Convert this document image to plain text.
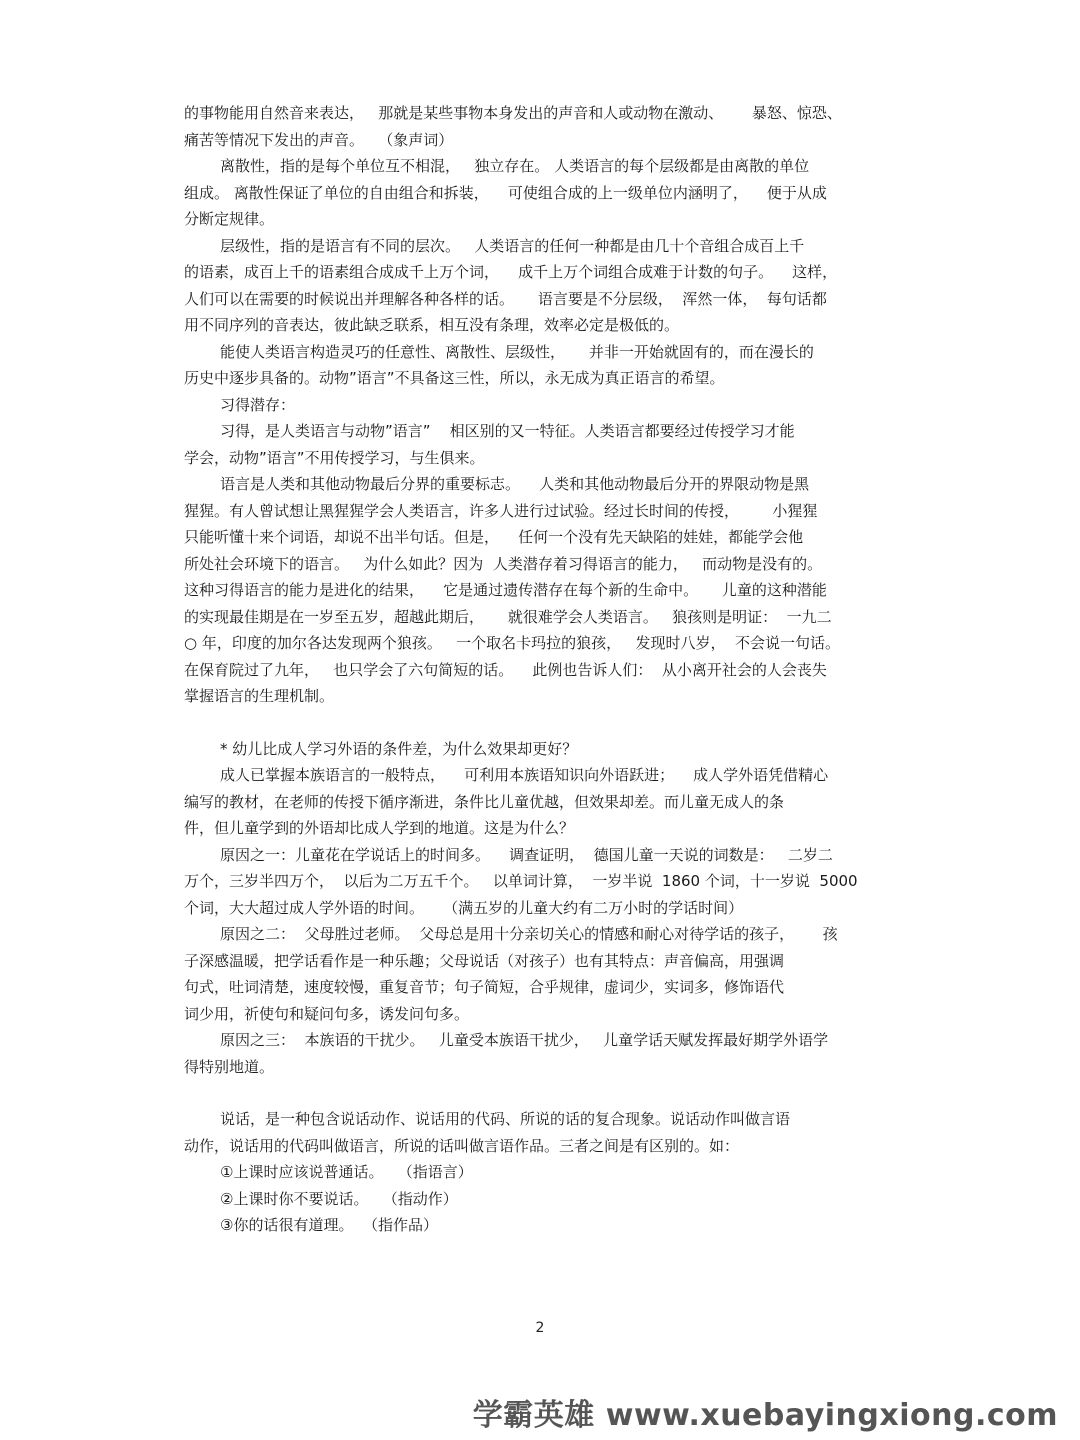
的事物能用自然音来表达，   那就是某些事物本身发出的声音和人或动物在激动、      暴怒、惊恐、
痛苦等情况下发出的声音。   （象声词）
离散性，指的是每个单位互不相混，   独立存在。 人类语言的每个层级都是由离散的单位
组成。 离散性保证了单位的自由组合和拆装，    可使组合成的上一级单位内涵明了，    便于从成
分断定规律。
层级性，指的是语言有不同的层次。   人类语言的任何一种都是由几十个音组合成百上千
的语素，成百上千的语素组合成成千上万个词，    成千上万个词组合成难于计数的句子。    这样，
人们可以在需要的时候说出并理解各种各样的话。     语言要是不分层级，  浑然一体，  每句话都
用不同序列的音表达，彼此缺乏联系，相互没有条理，效率必定是极低的。
能使人类语言构造灵巧的任意性、离散性、层级性，     并非一开始就固有的，而在漫长的
历史中逐步具备的。动物”语言”不具备这三性，所以，永无成为真正语言的希望。
习得潜存：
习得，是人类语言与动物”语言”    相区别的又一特征。人类语言都要经过传授学习才能
学会，动物”语言”不用传授学习，与生俱来。
语言是人类和其他动物最后分界的重要标志。    人类和其他动物最后分开的界限动物是黑
猩猩。有人曾试想让黑猩猩学会人类语言，许多人进行过试验。经过长时间的传授，       小猩猩
只能听懂十来个词语，却说不出半句话。但是，    任何一个没有先天缺陷的娃娃，都能学会他
所处社会环境下的语言。   为什么如此？因为  人类潜存着习得语言的能力，   而动物是没有的。
这种习得语言的能力是进化的结果，    它是通过遗传潜存在每个新的生命中。     儿童的这种潜能
的实现最佳期是在一岁至五岁，超越此期后，     就很难学会人类语言。   狼孩则是明证：  一九二
○ 年，印度的加尔各达发现两个狼孩。   一个取名卡玛拉的狼孩，   发现时八岁，  不会说一句话。
在保育院过了九年，   也只学会了六句简短的话。    此例也告诉人们：  从小离开社会的人会丧失
掌握语言的生理机制。
* 幼儿比成人学习外语的条件差，为什么效果却更好？
成人已掌握本族语言的一般特点，    可利用本族语知识向外语跃进；    成人学外语凭借精心
编写的教材，在老师的传授下循序渐进，条件比儿童优越，但效果却差。而儿童无成人的条
件，但儿童学到的外语却比成人学到的地道。这是为什么？
原因之一：儿童花在学说话上的时间多。    调查证明，  德国儿童一天说的词数是：   二岁二
万个，三岁半四万个，  以后为二万五千个。   以单词计算，  一岁半说  1860 个词，十一岁说  5000
个词，大大超过成人学外语的时间。    （满五岁的儿童大约有二万小时的学话时间）
原因之二：  父母胜过老师。  父母总是用十分亲切关心的情感和耐心对待学话的孩子，      孩
子深感温暖，把学话看作是一种乐趣；父母说话（对孩子）也有其特点：声音偏高，用强调
句式，吐词清楚，速度较慢，重复音节；句子简短，合乎规律，虚词少，实词多，修饰语代
词少用，祈使句和疑问句多，诱发问句多。
原因之三：  本族语的干扰少。   儿童受本族语干扰少，   儿童学话天赋发挥最好期学外语学
得特别地道。
说话，是一种包含说话动作、说话用的代码、所说的话的复合现象。说话动作叫做言语
动作，说话用的代码叫做语言，所说的话叫做言语作品。三者之间是有区别的。如：
①上课时应该说普通话。   （指语言）
②上课时你不要说话。   （指动作）
③你的话很有道理。  （指作品）
2
学霸英雄 www.xuebayingxiong.com
